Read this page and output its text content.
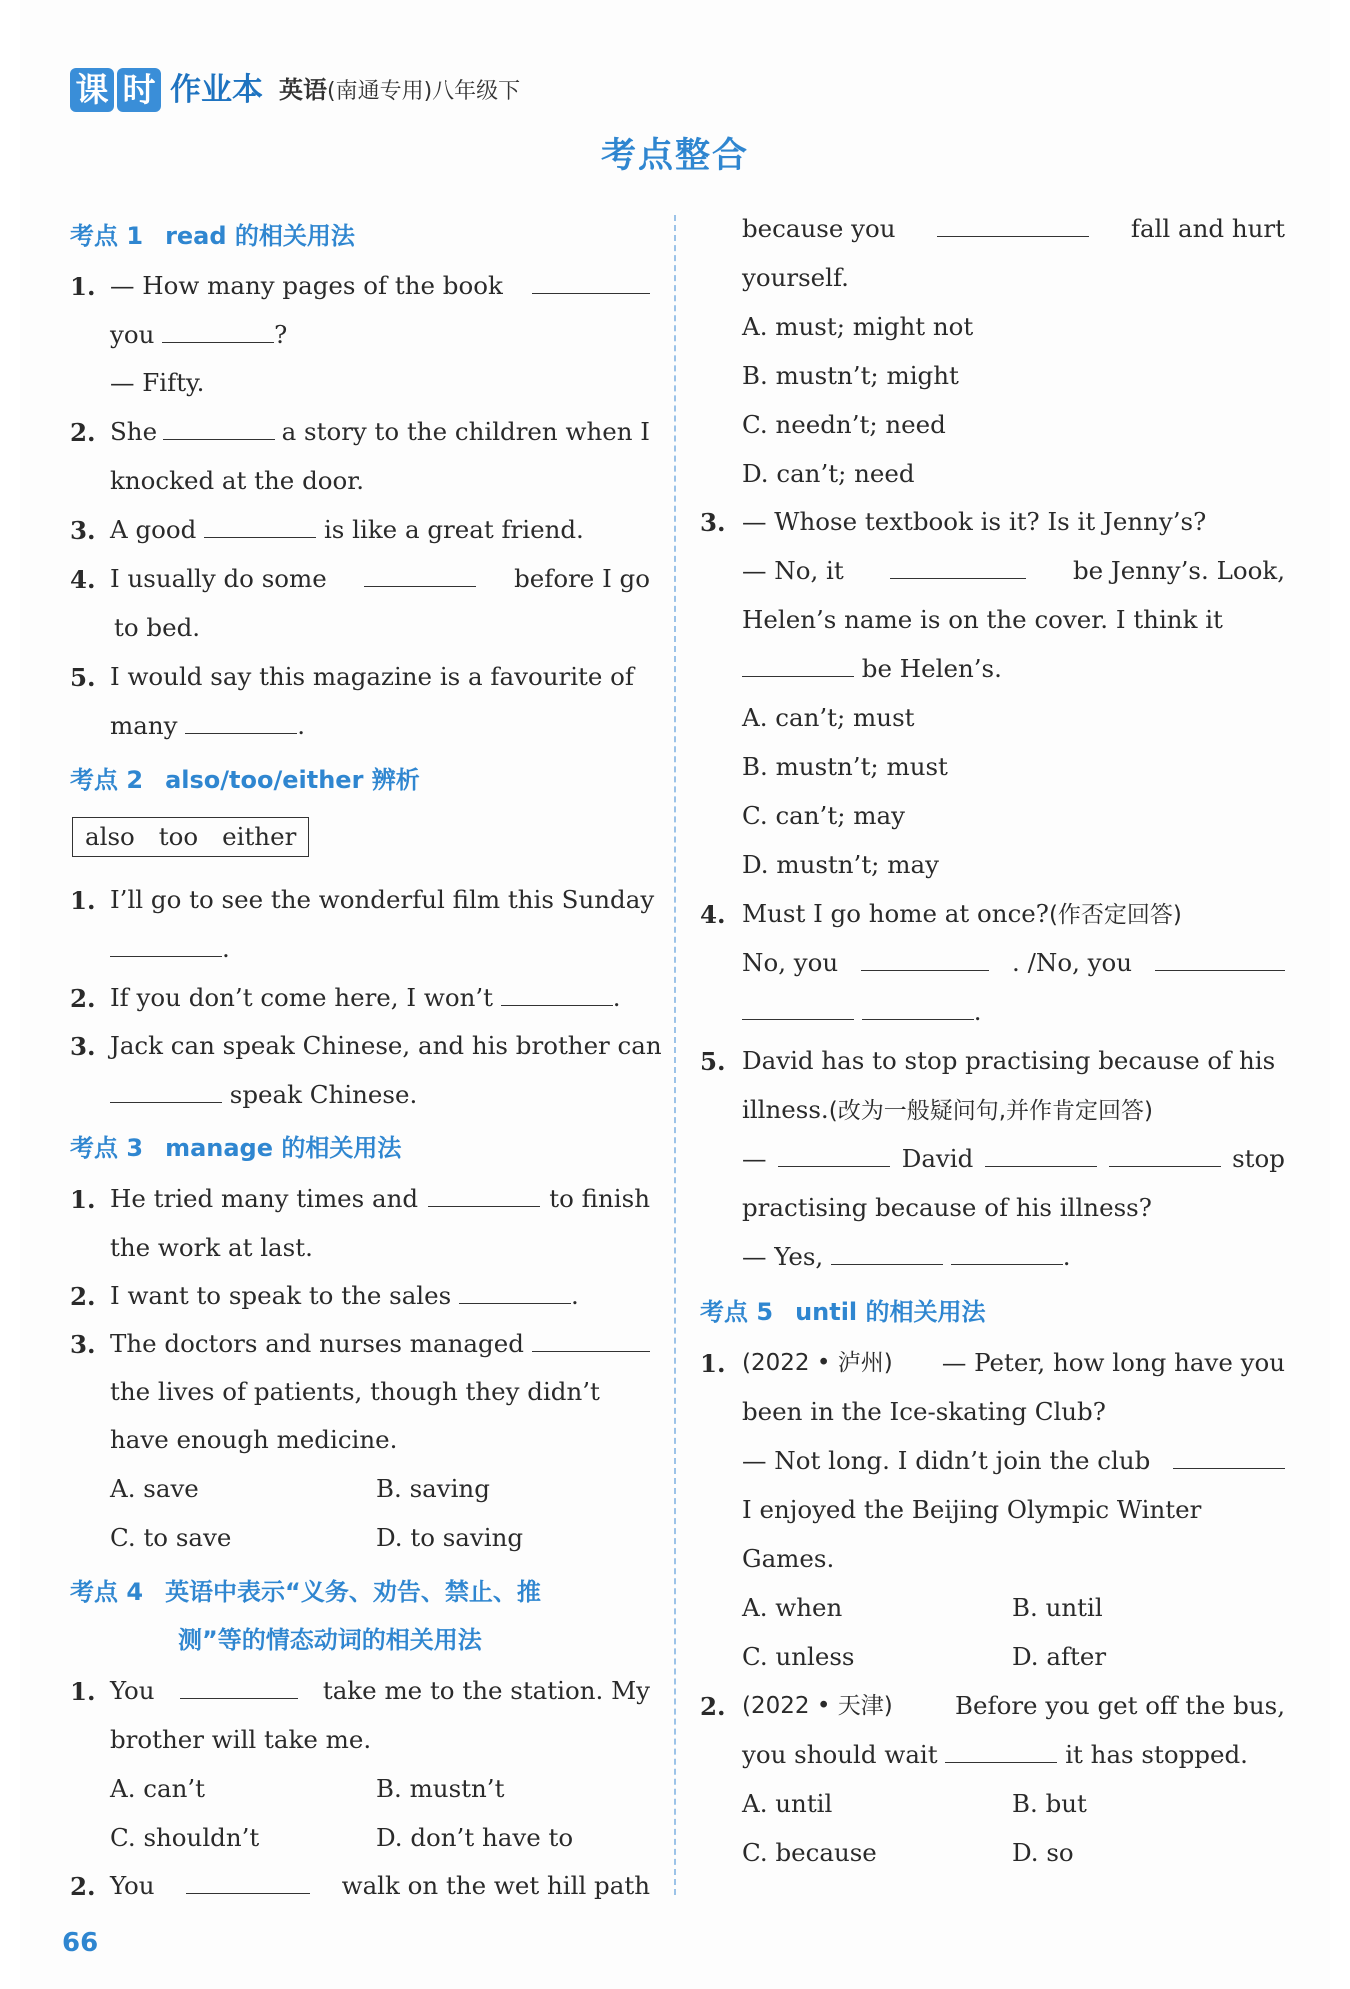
课 时 作业本 英语(南通专用)八年级下
考点整合
考点 1 read 的相关用法
1. — How many pages of the book
you	?
— Fifty.
2. She	a story to the children when I
knocked at the door.
3. A good	is like a great friend.
4. I usually do some	before I go
to bed.
5. I would say this magazine is a favourite of
many	.
考点 2 also/too/either 辨析
also too either
1. I’ll go to see the wonderful film this Sunday
.
2. If you don’t come here, I won’t	.
3. Jack can speak Chinese, and his brother can
speak Chinese.
考点 3 manage 的相关用法
1. He tried many times and	to finish
the work at last.
2. I want to speak to the sales	.
3. The doctors and nurses managed
the lives of patients, though they didn’t
have enough medicine.
A. save	B. saving
C. to save	D. to saving
考点 4 英语中表示“义务、劝告、禁止、推
测”等的情态动词的相关用法
1. You	take me to the station. My
brother will take me.
A. can’t	B. mustn’t
C. shouldn’t	D. don’t have to
2. You	walk on the wet hill path
because you	fall and hurt
yourself.
A. must; might not
B. mustn’t; might
C. needn’t; need
D. can’t; need
3. — Whose textbook is it? Is it Jenny’s?
— No, it	be Jenny’s. Look,
Helen’s name is on the cover. I think it
be Helen’s.
A. can’t; must
B. mustn’t; must
C. can’t; may
D. mustn’t; may
4. Must I go home at once?(作否定回答)
No, you	. /No, you
.
5. David has to stop practising because of his
illness.(改为一般疑问句,并作肯定回答)
—	David	stop
practising because of his illness?
— Yes,	.
考点 5 until 的相关用法
1. (2022 • 泸州) — Peter, how long have you
been in the Ice-skating Club?
— Not long. I didn’t join the club
I enjoyed the Beijing Olympic Winter
Games.
A. when	B. until
C. unless	D. after
2. (2022 • 天津)	Before you get off the bus,
you should wait	it has stopped.
A. until	B. but
C. because	D. so
66
